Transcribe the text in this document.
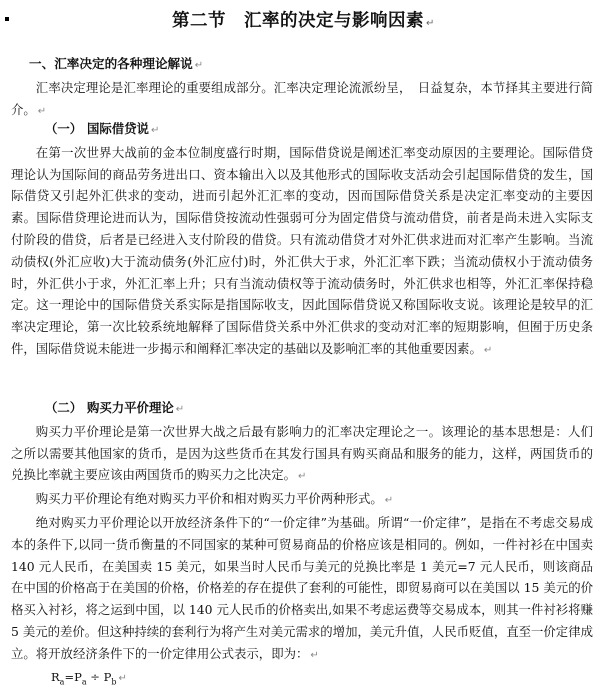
第二节　汇率的决定与影响因素 ↵

一、汇率决定的各种理论解说 ↵

汇率决定理论是汇率理论的重要组成部分。汇率决定理论流派纷呈，　日益复杂，本节择其主要进行简介。 ↵

（一） 国际借贷说 ↵

在第一次世界大战前的金本位制度盛行时期，国际借贷说是阐述汇率变动原因的主要理论。国际借贷理论认为国际间的商品劳务进出口、资本输出入以及其他形式的国际收支活动会引起国际借贷的发生，国际借贷又引起外汇供求的变动，进而引起外汇汇率的变动，因而国际借贷关系是决定汇率变动的主要因素。国际借贷理论进而认为，国际借贷按流动性强弱可分为固定借贷与流动借贷，前者是尚未进入实际支付阶段的借贷，后者是已经进入支付阶段的借贷。只有流动借贷才对外汇供求进而对汇率产生影响。当流动债权(外汇应收)大于流动债务(外汇应付)时，外汇供大于求，外汇汇率下跌；当流动债权小于流动债务时，外汇供小于求，外汇汇率上升；只有当流动债权等于流动债务时，外汇供求也相等，外汇汇率保持稳定。这一理论中的国际借贷关系实际是指国际收支，因此国际借贷说又称国际收支说。该理论是较早的汇率决定理论，第一次比较系统地解释了国际借贷关系中外汇供求的变动对汇率的短期影响，但囿于历史条件，国际借贷说未能进一步揭示和阐释汇率决定的基础以及影响汇率的其他重要因素。 ↵

（二） 购买力平价理论 ↵

购买力平价理论是第一次世界大战之后最有影响力的汇率决定理论之一。该理论的基本思想是：人们之所以需要其他国家的货币，是因为这些货币在其发行国具有购买商品和服务的能力，这样，两国货币的兑换比率就主要应该由两国货币的购买力之比决定。 ↵

购买力平价理论有绝对购买力平价和相对购买力平价两种形式。 ↵

绝对购买力平价理论以开放经济条件下的“一价定律”为基础。所谓“一价定律”，是指在不考虑交易成本的条件下,以同一货币衡量的不同国家的某种可贸易商品的价格应该是相同的。例如，一件衬衫在中国卖 140 元人民币，在美国卖 15 美元，如果当时人民币与美元的兑换比率是 1 美元=7 元人民币，则该商品在中国的价格高于在美国的价格，价格差的存在提供了套利的可能性，即贸易商可以在美国以 15 美元的价格买入衬衫，将之运到中国，以 140 元人民币的价格卖出,如果不考虑运费等交易成本，则其一件衬衫将赚 5 美元的差价。但这种持续的套利行为将产生对美元需求的增加，美元升值，人民币贬值，直至一价定律成立。将开放经济条件下的一价定律用公式表示，即为： ↵

$R_a=P_a \div P_b$ ↵
